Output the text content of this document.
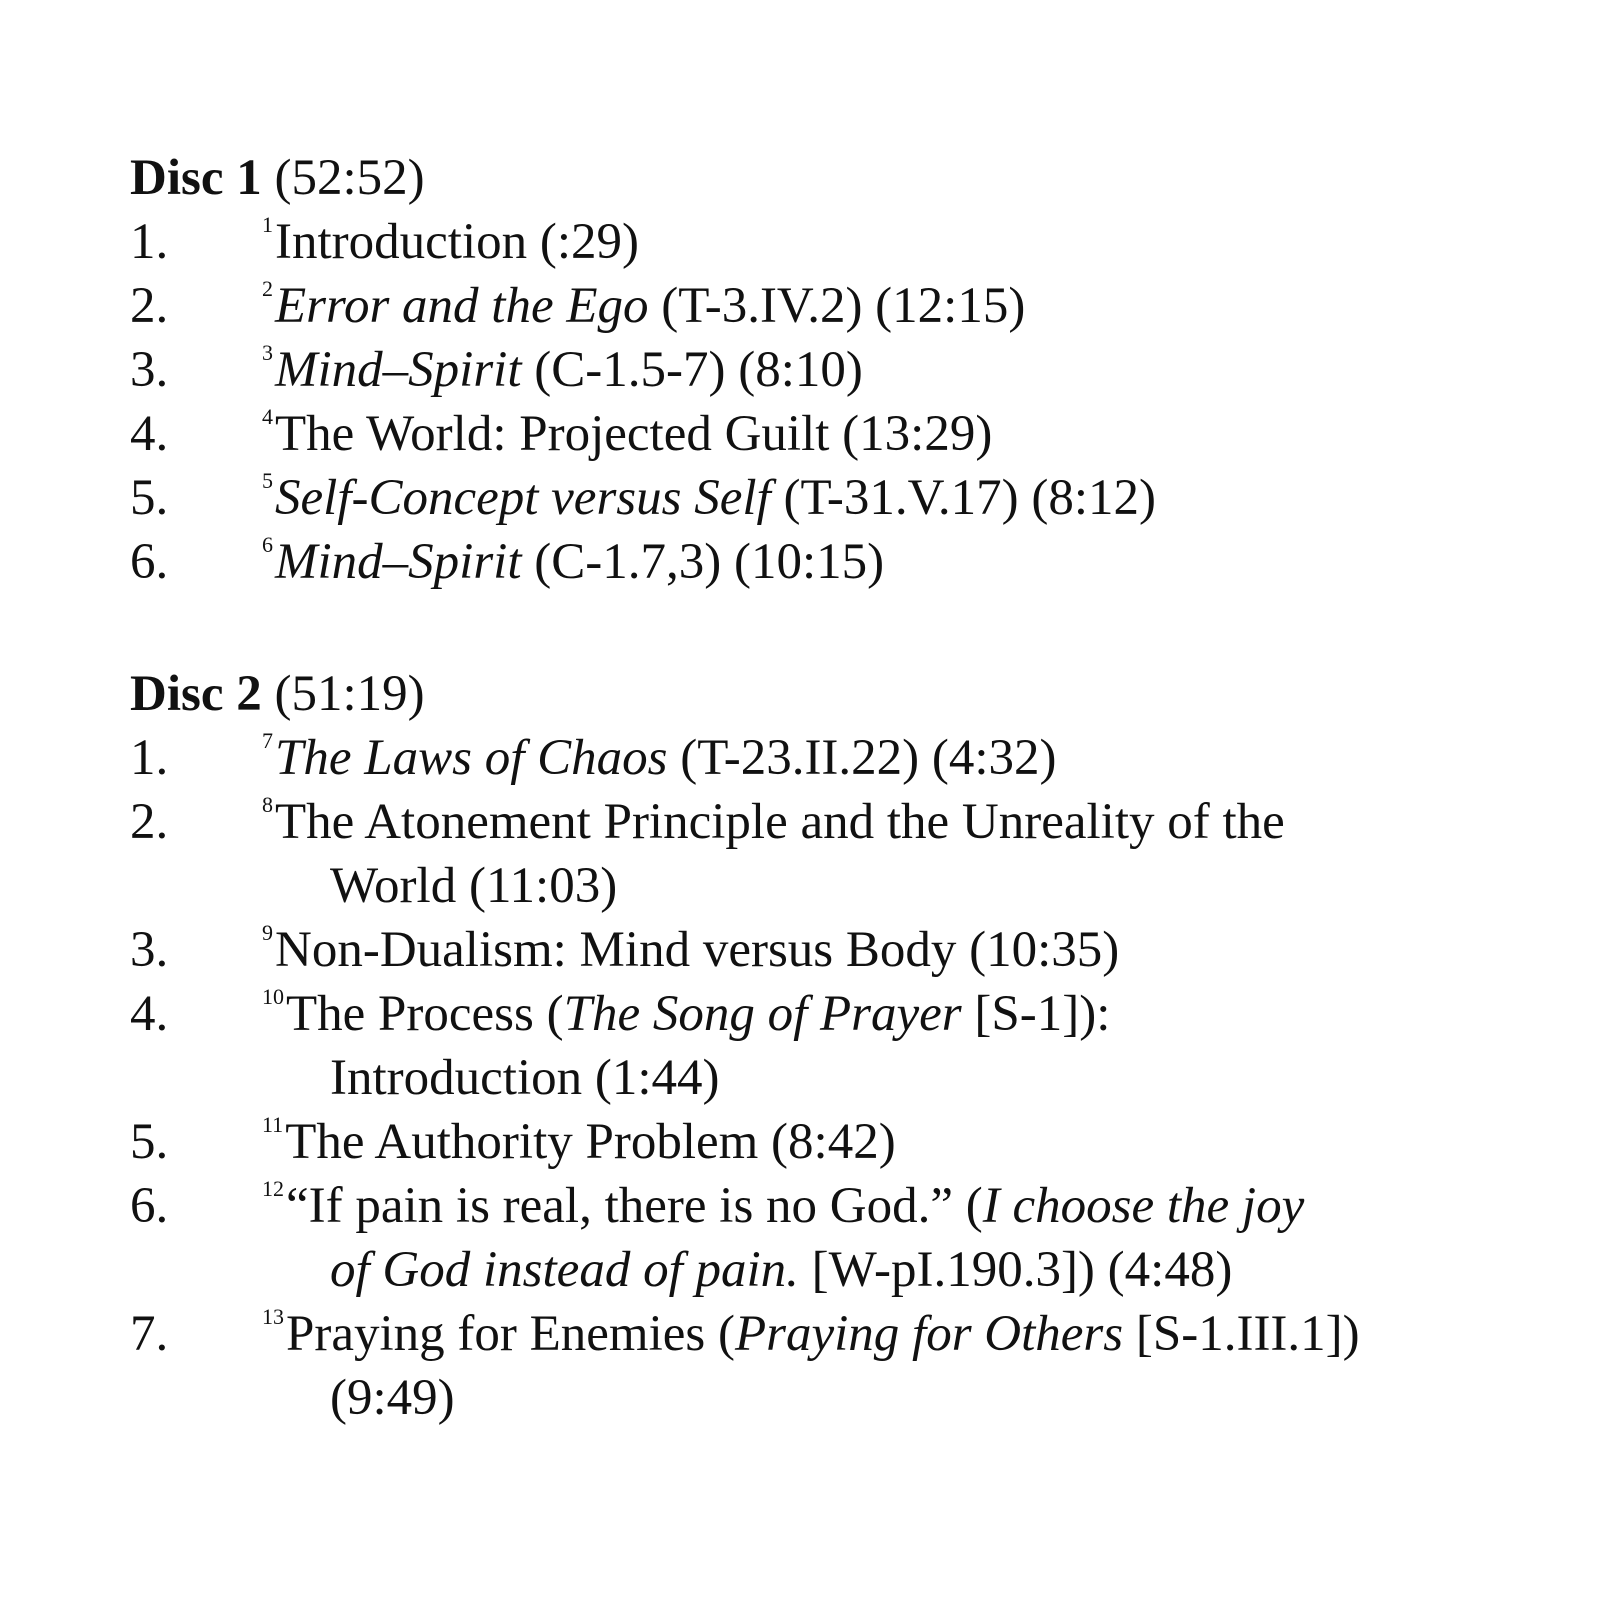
Disc 1 (52:52)
1.	$^1$Introduction (:29)
2.	$^2$Error and the Ego (T-3.IV.2) (12:15)
3.	$^3$Mind–Spirit (C-1.5-7) (8:10)
4.	$^4$The World: Projected Guilt (13:29)
5.	$^5$Self-Concept versus Self (T-31.V.17) (8:12)
6.	$^6$Mind–Spirit (C-1.7,3) (10:15)
Disc 2 (51:19)
1.	$^7$The Laws of Chaos (T-23.II.22) (4:32)
2.	$^8$The Atonement Principle and the Unreality of the
World (11:03)
3.	$^9$Non-Dualism: Mind versus Body (10:35)
4.	$^{10}$The Process (The Song of Prayer [S-1]):
Introduction (1:44)
5.	$^{11}$The Authority Problem (8:42)
6.	$^{12}$“If pain is real, there is no God.” (I choose the joy
of God instead of pain. [W-pI.190.3]) (4:48)
7.	$^{13}$Praying for Enemies (Praying for Others [S-1.III.1])
(9:49)
